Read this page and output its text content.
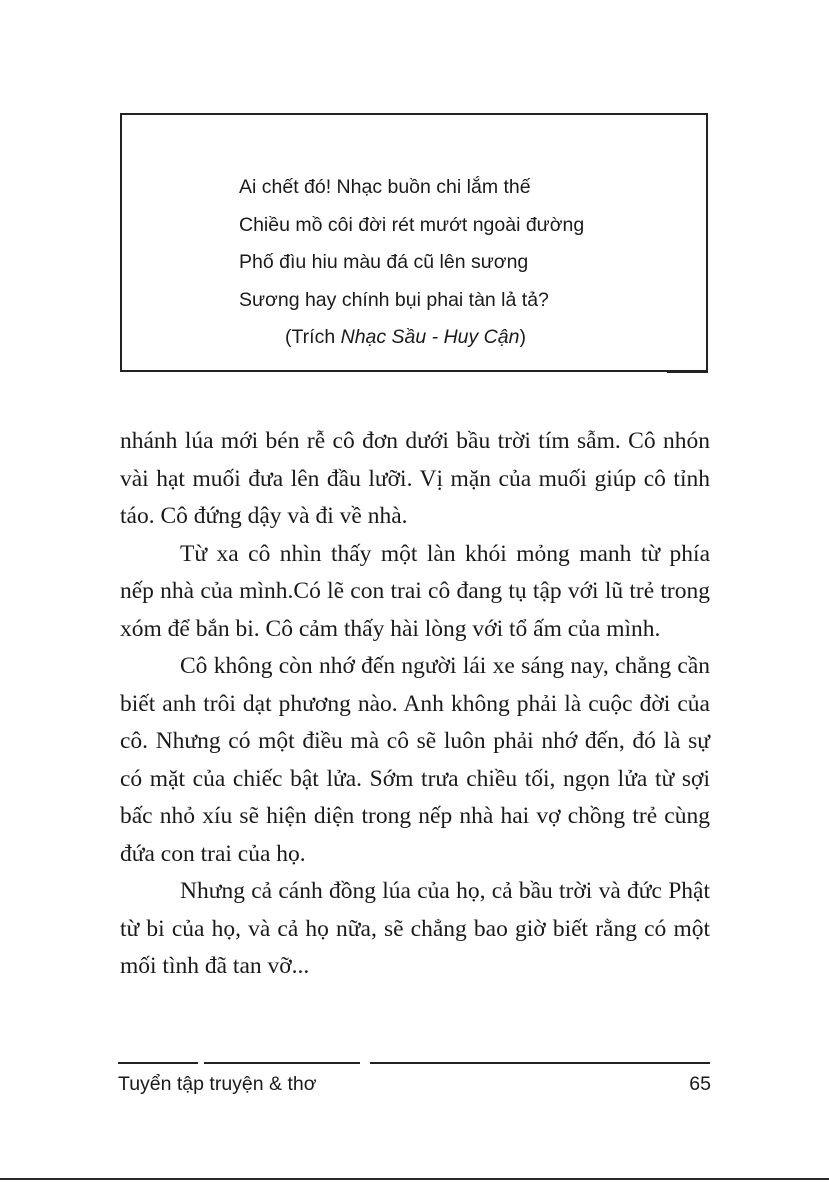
Ai chết đó! Nhạc buồn chi lắm thế
Chiều mồ côi đời rét mướt ngoài đường
Phố đìu hiu màu đá cũ lên sương
Sương hay chính bụi phai tàn lả tả?
(Trích Nhạc Sầu - Huy Cận)

nhánh lúa mới bén rễ cô đơn dưới bầu trời tím sẫm. Cô nhón vài hạt muối đưa lên đầu lưỡi. Vị mặn của muối giúp cô tỉnh táo. Cô đứng dậy và đi về nhà.

Từ xa cô nhìn thấy một làn khói mỏng manh từ phía nếp nhà của mình.Có lẽ con trai cô đang tụ tập với lũ trẻ trong xóm để bắn bi. Cô cảm thấy hài lòng với tổ ấm của mình.

Cô không còn nhớ đến người lái xe sáng nay, chẳng cần biết anh trôi dạt phương nào. Anh không phải là cuộc đời của cô. Nhưng có một điều mà cô sẽ luôn phải nhớ đến, đó là sự có mặt của chiếc bật lửa. Sớm trưa chiều tối, ngọn lửa từ sợi bấc nhỏ xíu sẽ hiện diện trong nếp nhà hai vợ chồng trẻ cùng đứa con trai của họ.

Nhưng cả cánh đồng lúa của họ, cả bầu trời và đức Phật từ bi của họ, và cả họ nữa, sẽ chẳng bao giờ biết rằng có một mối tình đã tan vỡ...

Tuyển tập truyện & thơ	65
